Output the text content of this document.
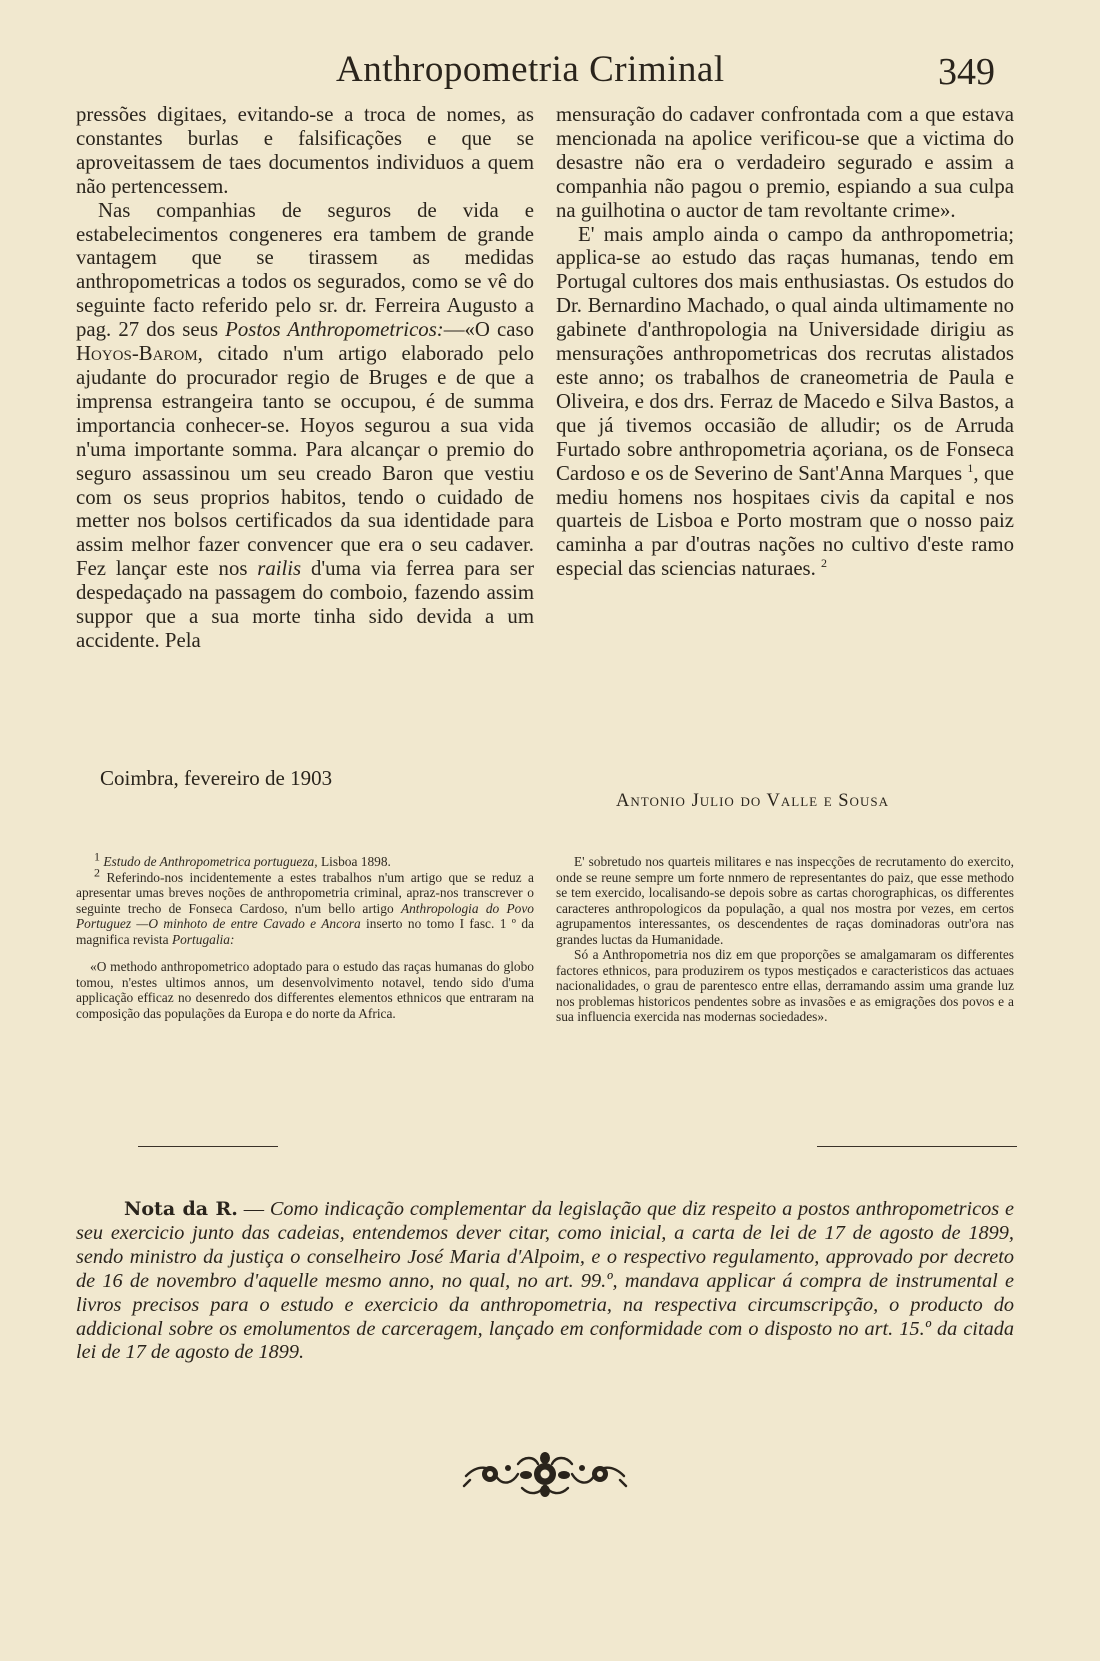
Anthropometria Criminal	349

pressões digitaes, evitando-se a troca de nomes, as constantes burlas e falsificações e que se aproveitassem de taes documentos individuos a quem não pertencessem.

Nas companhias de seguros de vida e estabelecimentos congeneres era tambem de grande vantagem que se tirassem as medidas anthropometricas a todos os segurados, como se vê do seguinte facto referido pelo sr. dr. Ferreira Augusto a pag. 27 dos seus Postos Anthropometricos:—«O caso Hoyos-Barom, citado n'um artigo elaborado pelo ajudante do procurador regio de Bruges e de que a imprensa estrangeira tanto se occupou, é de summa importancia conhecer-se. Hoyos segurou a sua vida n'uma importante somma. Para alcançar o premio do seguro assassinou um seu creado Baron que vestiu com os seus proprios habitos, tendo o cuidado de metter nos bolsos certificados da sua identidade para assim melhor fazer convencer que era o seu cadaver. Fez lançar este nos railis d'uma via ferrea para ser despedaçado na passagem do comboio, fazendo assim suppor que a sua morte tinha sido devida a um accidente. Pela

mensuração do cadaver confrontada com a que estava mencionada na apolice verificou-se que a victima do desastre não era o verdadeiro segurado e assim a companhia não pagou o premio, espiando a sua culpa na guilhotina o auctor de tam revoltante crime».

E' mais amplo ainda o campo da anthropometria; applica-se ao estudo das raças humanas, tendo em Portugal cultores dos mais enthusiastas. Os estudos do Dr. Bernardino Machado, o qual ainda ultimamente no gabinete d'anthropologia na Universidade dirigiu as mensurações anthropometricas dos recrutas alistados este anno; os trabalhos de craneometria de Paula e Oliveira, e dos drs. Ferraz de Macedo e Silva Bastos, a que já tivemos occasião de alludir; os de Arruda Furtado sobre anthropometria açoriana, os de Fonseca Cardoso e os de Severino de Sant'Anna Marques $^1$, que mediu homens nos hospitaes civis da capital e nos quarteis de Lisboa e Porto mostram que o nosso paiz caminha a par d'outras nações no cultivo d'este ramo especial das sciencias naturaes. $^2$

Coimbra, fevereiro de 1903
Antonio Julio do Valle e Sousa

$^1$ Estudo de Anthropometrica portugueza, Lisboa 1898.

$^2$ Referindo-nos incidentemente a estes trabalhos n'um artigo que se reduz a apresentar umas breves noções de anthropometria criminal, apraz-nos transcrever o seguinte trecho de Fonseca Cardoso, n'um bello artigo Anthropologia do Povo Portuguez —O minhoto de entre Cavado e Ancora inserto no tomo I fasc. 1 º da magnifica revista Portugalia:

«O methodo anthropometrico adoptado para o estudo das raças humanas do globo tomou, n'estes ultimos annos, um desenvolvimento notavel, tendo sido d'uma applicação efficaz no desenredo dos differentes elementos ethnicos que entraram na composição das populações da Europa e do norte da Africa.

E' sobretudo nos quarteis militares e nas inspecções de recrutamento do exercito, onde se reune sempre um forte nnmero de representantes do paiz, que esse methodo se tem exercido, localisando-se depois sobre as cartas chorographicas, os differentes caracteres anthropologicos da população, a qual nos mostra por vezes, em certos agrupamentos interessantes, os descendentes de raças dominadoras outr'ora nas grandes luctas da Humanidade.

Só a Anthropometria nos diz em que proporções se amalgamaram os differentes factores ethnicos, para produzirem os typos mestiçados e caracteristicos das actuaes nacionalidades, o grau de parentesco entre ellas, derramando assim uma grande luz nos problemas historicos pendentes sobre as invasões e as emigrações dos povos e a sua influencia exercida nas modernas sociedades».

Nota da R. — Como indicação complementar da legislação que diz respeito a postos anthropometricos e seu exercicio junto das cadeias, entendemos dever citar, como inicial, a carta de lei de 17 de agosto de 1899, sendo ministro da justiça o conselheiro José Maria d'Alpoim, e o respectivo regulamento, approvado por decreto de 16 de novembro d'aquelle mesmo anno, no qual, no art. 99.º, mandava applicar á compra de instrumental e livros precisos para o estudo e exercicio da anthropometria, na respectiva circumscripção, o producto do addicional sobre os emolumentos de carceragem, lançado em conformidade com o disposto no art. 15.º da citada lei de 17 de agosto de 1899.
